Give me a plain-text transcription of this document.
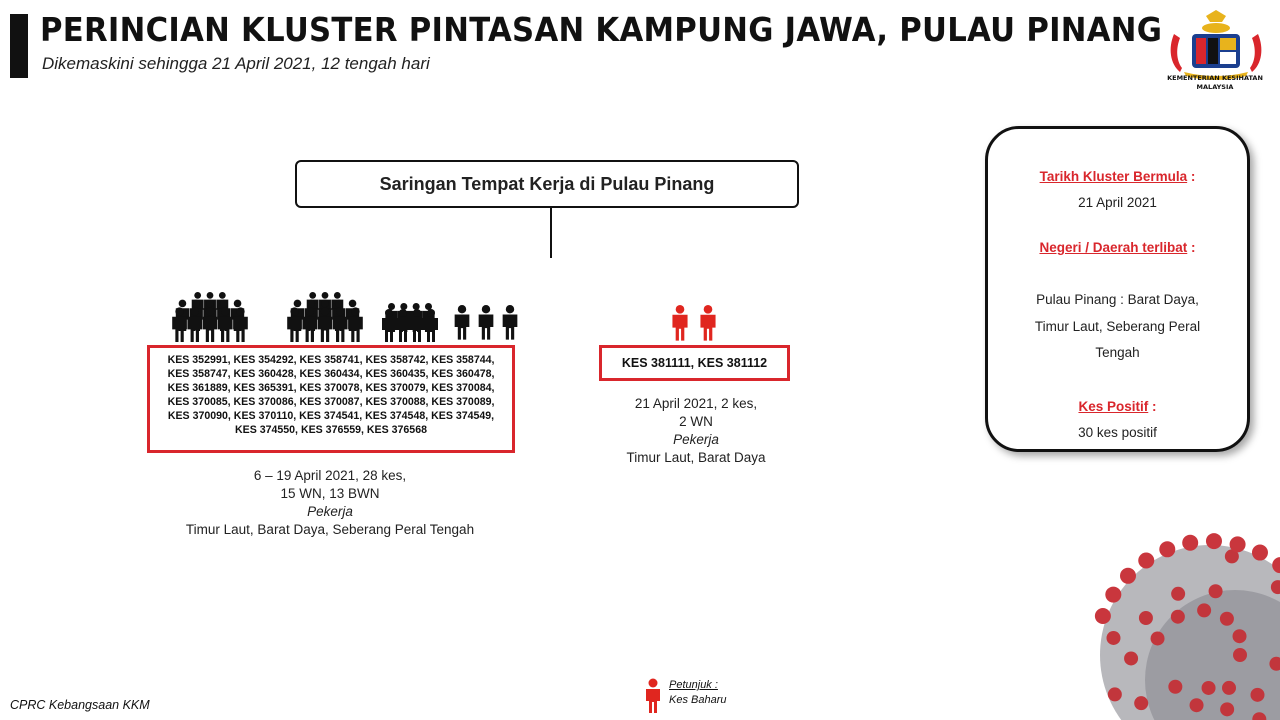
PERINCIAN KLUSTER PINTASAN KAMPUNG JAWA, PULAU PINANG
Dikemaskini sehingga 21 April 2021, 12 tengah hari
KEMENTERIAN KESIHATAN MALAYSIA
Saringan Tempat Kerja di Pulau Pinang
KES 352991, KES 354292, KES 358741, KES 358742, KES 358744, KES 358747, KES 360428, KES 360434, KES 360435, KES 360478, KES 361889, KES 365391, KES 370078, KES 370079, KES 370084, KES 370085, KES 370086, KES 370087, KES 370088, KES 370089, KES 370090, KES 370110, KES 374541, KES 374548, KES 374549, KES 374550, KES 376559, KES 376568
6 – 19 April 2021, 28 kes,
15 WN, 13 BWN
Pekerja
Timur Laut, Barat Daya, Seberang Peral Tengah
KES 381111, KES 381112
21 April 2021, 2 kes,
2 WN
Pekerja
Timur Laut, Barat Daya
Tarikh Kluster Bermula :
21 April 2021
Negeri / Daerah terlibat :
Pulau Pinang : Barat Daya,
Timur Laut, Seberang Peral
Tengah
Kes Positif :
30 kes positif
CPRC Kebangsaan KKM
Petunjuk :
Kes Baharu
